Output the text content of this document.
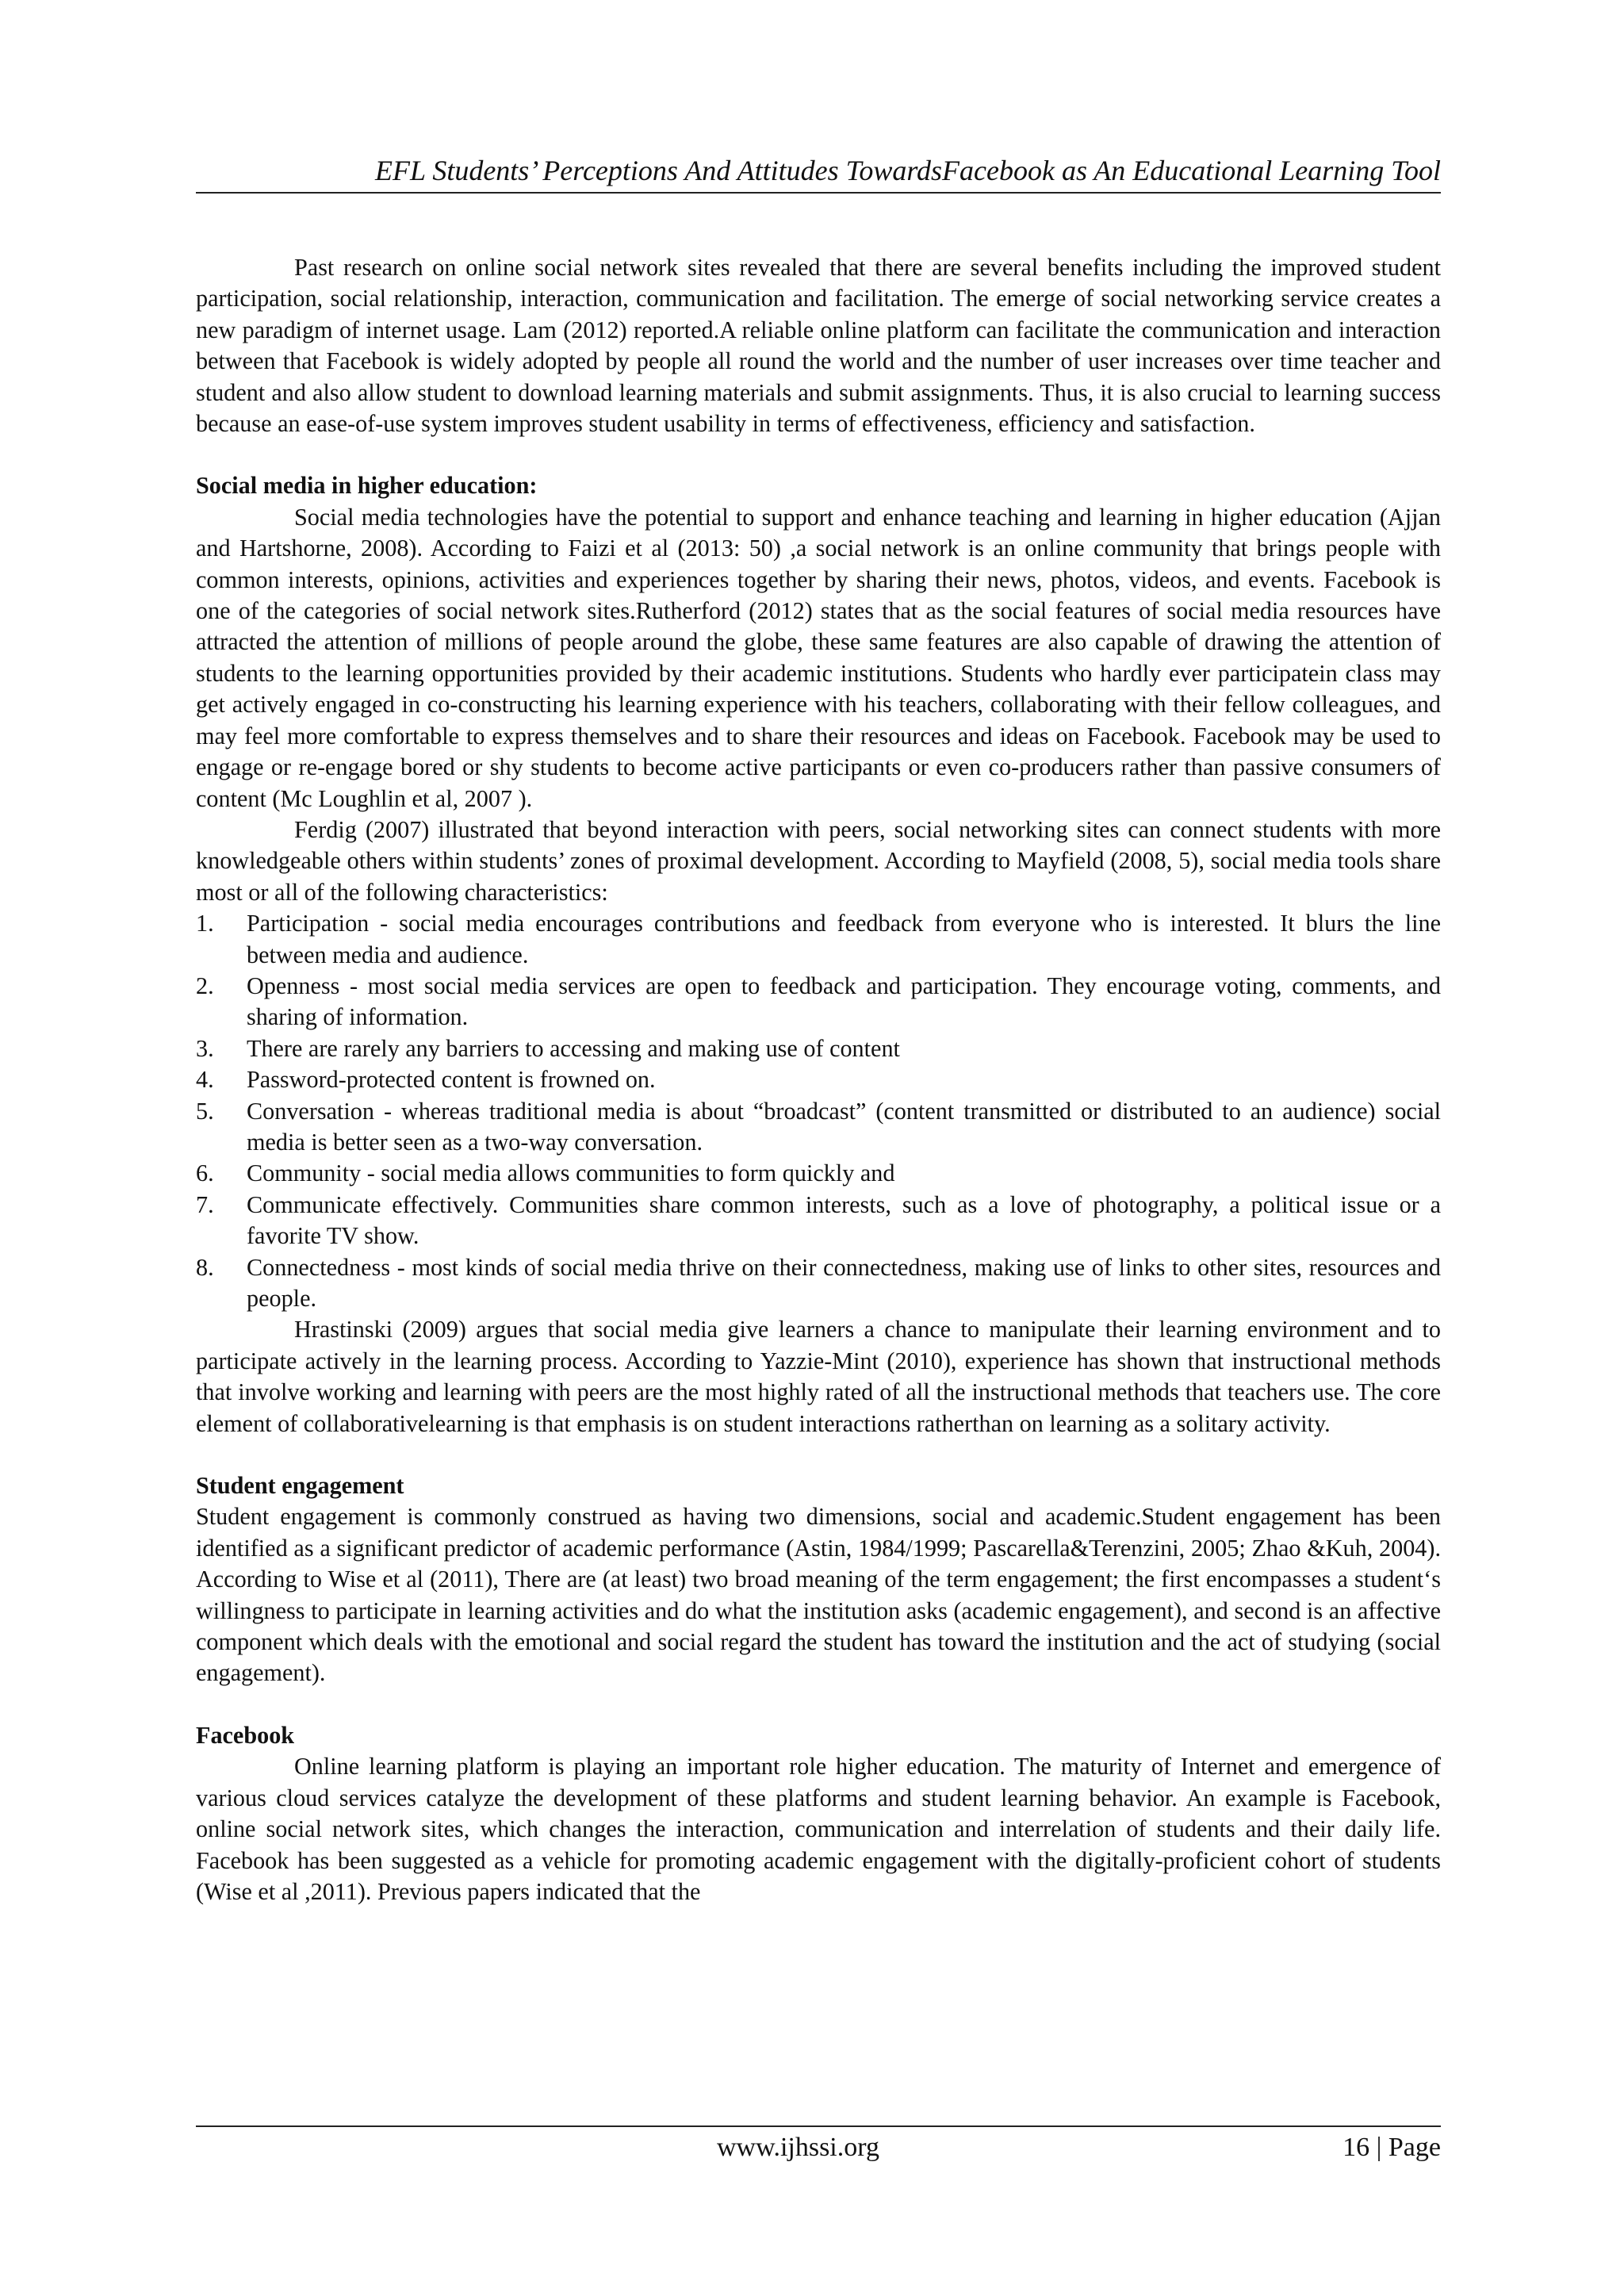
EFL Students’ Perceptions And Attitudes TowardsFacebook as An Educational Learning Tool

Past research on online social network sites revealed that there are several benefits including the improved student participation, social relationship, interaction, communication and facilitation. The emerge of social networking service creates a new paradigm of internet usage. Lam (2012) reported.A reliable online platform can facilitate the communication and interaction between that Facebook is widely adopted by people all round the world and the number of user increases over time teacher and student and also allow student to download learning materials and submit assignments. Thus, it is also crucial to learning success because an ease-of-use system improves student usability in terms of effectiveness, efficiency and satisfaction.

Social media in higher education:

Social media technologies have the potential to support and enhance teaching and learning in higher education (Ajjan and Hartshorne, 2008). According to Faizi et al (2013: 50) ,a social network is an online community that brings people with common interests, opinions, activities and experiences together by sharing their news, photos, videos, and events. Facebook is one of the categories of social network sites.Rutherford (2012) states that as the social features of social media resources have attracted the attention of millions of people around the globe, these same features are also capable of drawing the attention of students to the learning opportunities provided by their academic institutions. Students who hardly ever participatein class may get actively engaged in co-constructing his learning experience with his teachers, collaborating with their fellow colleagues, and may feel more comfortable to express themselves and to share their resources and ideas on Facebook. Facebook may be used to engage or re-engage bored or shy students to become active participants or even co-producers rather than passive consumers of content (Mc Loughlin et al, 2007 ).

Ferdig (2007) illustrated that beyond interaction with peers, social networking sites can connect students with more knowledgeable others within students’ zones of proximal development. According to Mayfield (2008, 5), social media tools share most or all of the following characteristics:

1. Participation - social media encourages contributions and feedback from everyone who is interested. It blurs the line between media and audience.
2. Openness - most social media services are open to feedback and participation. They encourage voting, comments, and sharing of information.
3. There are rarely any barriers to accessing and making use of content
4. Password-protected content is frowned on.
5. Conversation - whereas traditional media is about “broadcast” (content transmitted or distributed to an audience) social media is better seen as a two-way conversation.
6. Community - social media allows communities to form quickly and
7. Communicate effectively. Communities share common interests, such as a love of photography, a political issue or a favorite TV show.
8. Connectedness - most kinds of social media thrive on their connectedness, making use of links to other sites, resources and people.

Hrastinski (2009) argues that social media give learners a chance to manipulate their learning environment and to participate actively in the learning process. According to Yazzie-Mint (2010), experience has shown that instructional methods that involve working and learning with peers are the most highly rated of all the instructional methods that teachers use. The core element of collaborativelearning is that emphasis is on student interactions ratherthan on learning as a solitary activity.

Student engagement

Student engagement is commonly construed as having two dimensions, social and academic.Student engagement has been identified as a significant predictor of academic performance (Astin, 1984/1999; Pascarella&Terenzini, 2005; Zhao &Kuh, 2004). According to Wise et al (2011), There are (at least) two broad meaning of the term engagement; the first encompasses a student‘s willingness to participate in learning activities and do what the institution asks (academic engagement), and second is an affective component which deals with the emotional and social regard the student has toward the institution and the act of studying (social engagement).

Facebook

Online learning platform is playing an important role higher education. The maturity of Internet and emergence of various cloud services catalyze the development of these platforms and student learning behavior. An example is Facebook, online social network sites, which changes the interaction, communication and interrelation of students and their daily life. Facebook has been suggested as a vehicle for promoting academic engagement with the digitally-proficient cohort of students (Wise et al ,2011). Previous papers indicated that the

www.ijhssi.org	16 | Page
